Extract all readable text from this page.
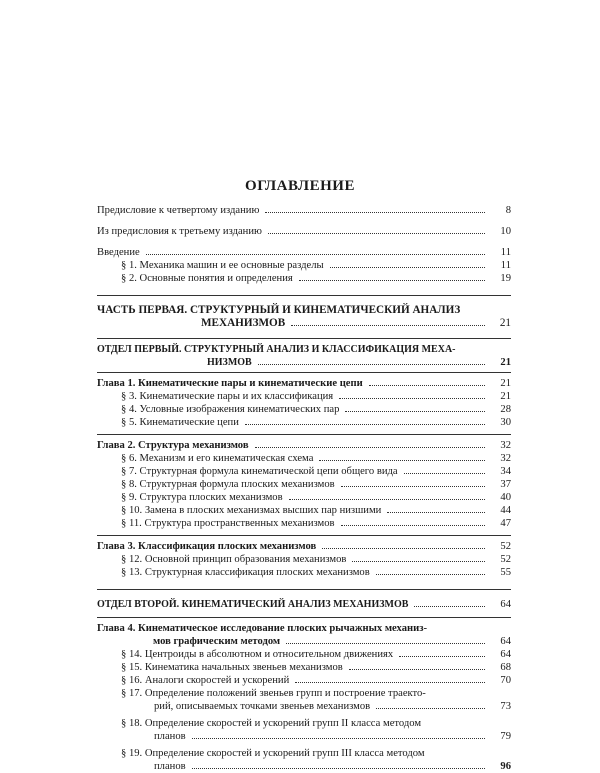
ОГЛАВЛЕНИЕ
Предисловие к четвертому изданию	8
Из предисловия к третьему изданию	10
Введение	11
§ 1. Механика машин и ее основные разделы	11
§ 2. Основные понятия и определения	19
ЧАСТЬ ПЕРВАЯ. СТРУКТУРНЫЙ И КИНЕМАТИЧЕСКИЙ АНАЛИЗ
МЕХАНИЗМОВ	21
ОТДЕЛ ПЕРВЫЙ. СТРУКТУРНЫЙ АНАЛИЗ И КЛАССИФИКАЦИЯ МЕХА-
НИЗМОВ	21
Глава 1. Кинематические пары и кинематические цепи	21
§ 3. Кинематические пары и их классификация	21
§ 4. Условные изображения кинематических пар	28
§ 5. Кинематические цепи	30
Глава 2. Структура механизмов	32
§ 6. Механизм и его кинематическая схема	32
§ 7. Структурная формула кинематической цепи общего вида	34
§ 8. Структурная формула плоских механизмов	37
§ 9. Структура плоских механизмов	40
§ 10. Замена в плоских механизмах высших пар низшими	44
§ 11. Структура пространственных механизмов	47
Глава 3. Классификация плоских механизмов	52
§ 12. Основной принцип образования механизмов	52
§ 13. Структурная классификация плоских механизмов	55
ОТДЕЛ ВТОРОЙ. КИНЕМАТИЧЕСКИЙ АНАЛИЗ МЕХАНИЗМОВ	64
Глава 4. Кинематическое исследование плоских рычажных механиз-
мов графическим методом	64
§ 14. Центроиды в абсолютном и относительном движениях	64
§ 15. Кинематика начальных звеньев механизмов	68
§ 16. Аналоги скоростей и ускорений	70
§ 17. Определение положений звеньев групп и построение траекто-
рий, описываемых точками звеньев механизмов	73
§ 18. Определение скоростей и ускорений групп II класса методом
планов	79
§ 19. Определение скоростей и ускорений групп III класса методом
планов	96
